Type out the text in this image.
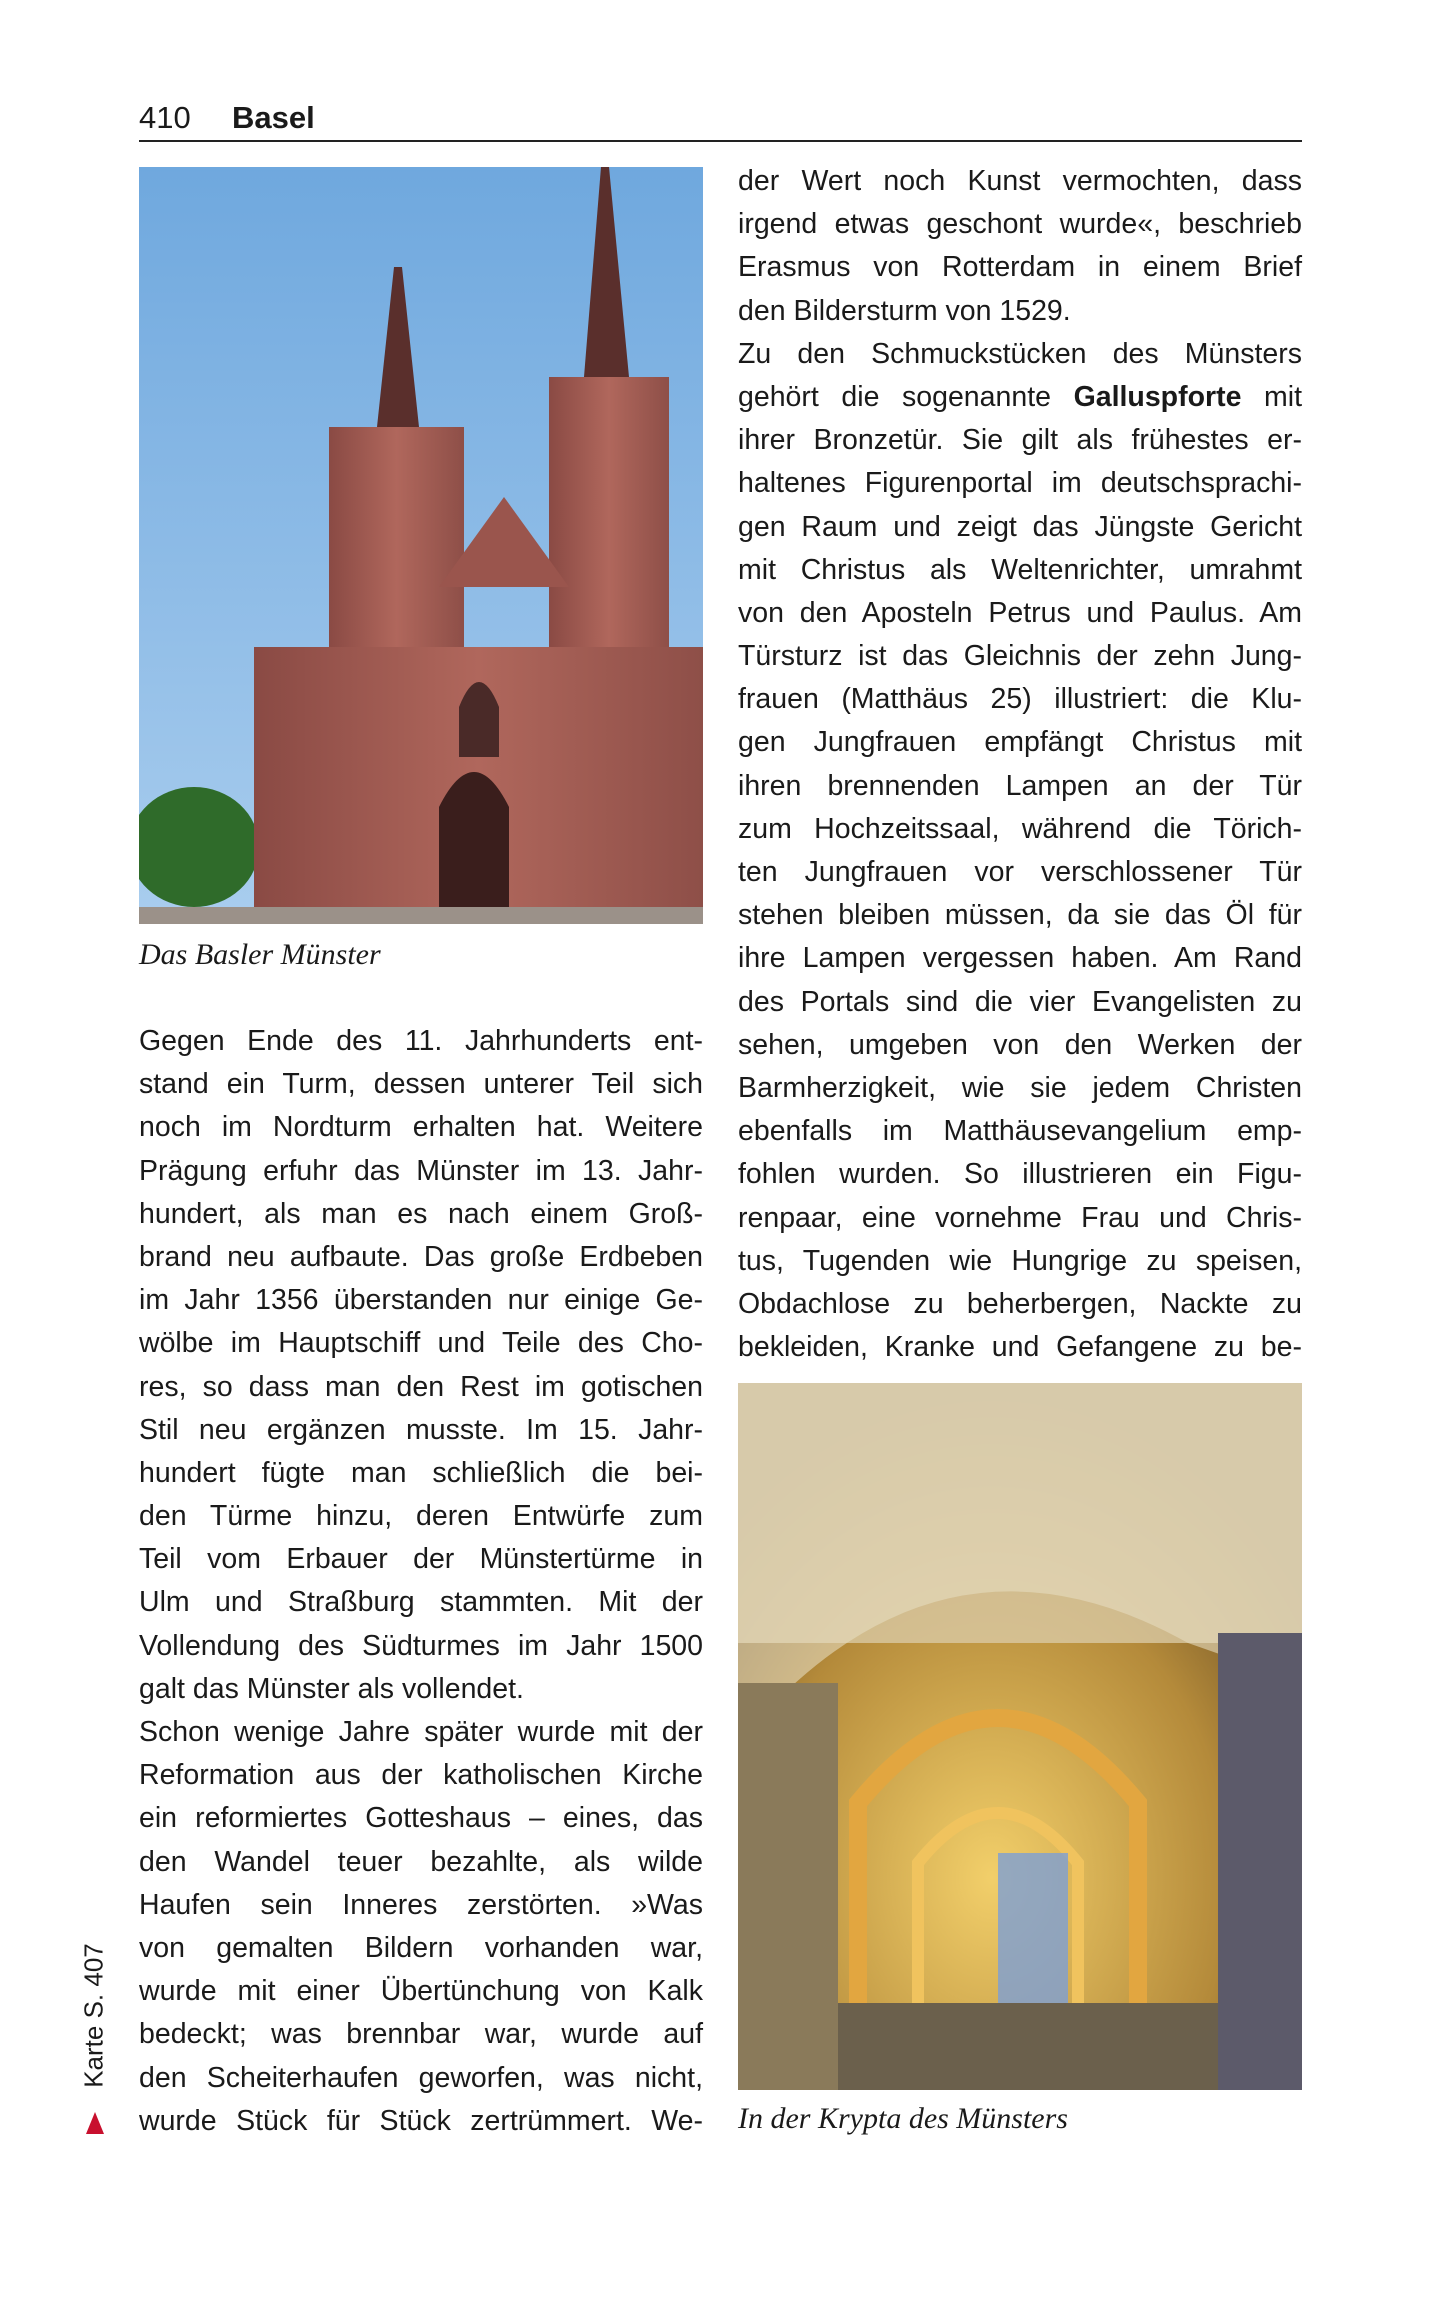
410 Basel
Das Basler Münster
Gegen Ende des 11. Jahrhunderts ent-
stand ein Turm, dessen unterer Teil sich
noch im Nordturm erhalten hat. Weitere
Prägung erfuhr das Münster im 13. Jahr-
hundert, als man es nach einem Groß-
brand neu aufbaute. Das große Erdbeben
im Jahr 1356 überstanden nur einige Ge-
wölbe im Hauptschiff und Teile des Cho-
res, so dass man den Rest im gotischen
Stil neu ergänzen musste. Im 15. Jahr-
hundert fügte man schließlich die bei-
den Türme hinzu, deren Entwürfe zum
Teil vom Erbauer der Münstertürme in
Ulm und Straßburg stammten. Mit der
Vollendung des Südturmes im Jahr 1500
galt das Münster als vollendet.
Schon wenige Jahre später wurde mit der
Reformation aus der katholischen Kirche
ein reformiertes Gotteshaus – eines, das
den Wandel teuer bezahlte, als wilde
Haufen sein Inneres zerstörten. »Was
von gemalten Bildern vorhanden war,
wurde mit einer Übertünchung von Kalk
bedeckt; was brennbar war, wurde auf
den Scheiterhaufen geworfen, was nicht,
wurde Stück für Stück zertrümmert. We-
der Wert noch Kunst vermochten, dass
irgend etwas geschont wurde«, beschrieb
Erasmus von Rotterdam in einem Brief
den Bildersturm von 1529.
Zu den Schmuckstücken des Münsters
gehört die sogenannte Galluspforte mit
ihrer Bronzetür. Sie gilt als frühestes er-
haltenes Figurenportal im deutschsprachi-
gen Raum und zeigt das Jüngste Gericht
mit Christus als Weltenrichter, umrahmt
von den Aposteln Petrus und Paulus. Am
Türsturz ist das Gleichnis der zehn Jung-
frauen (Matthäus 25) illustriert: die Klu-
gen Jungfrauen empfängt Christus mit
ihren brennenden Lampen an der Tür
zum Hochzeitssaal, während die Törich-
ten Jungfrauen vor verschlossener Tür
stehen bleiben müssen, da sie das Öl für
ihre Lampen vergessen haben. Am Rand
des Portals sind die vier Evangelisten zu
sehen, umgeben von den Werken der
Barmherzigkeit, wie sie jedem Christen
ebenfalls im Matthäusevangelium emp-
fohlen wurden. So illustrieren ein Figu-
renpaar, eine vornehme Frau und Chris-
tus, Tugenden wie Hungrige zu speisen,
Obdachlose zu beherbergen, Nackte zu
bekleiden, Kranke und Gefangene zu be-
In der Krypta des Münsters
Karte S. 407
